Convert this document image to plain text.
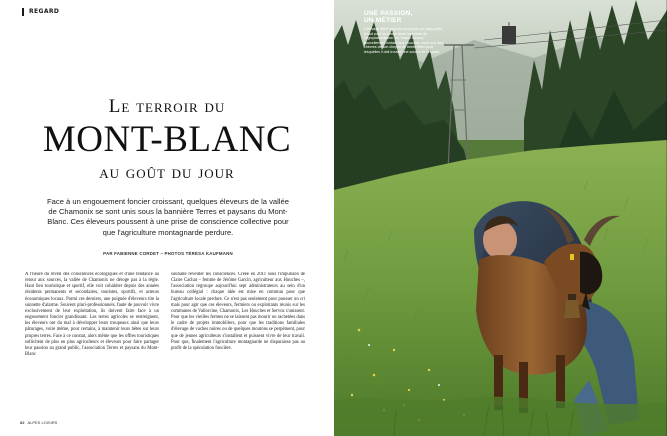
REGARD
Le terroir du
MONT-BLANC
au goût du jour

Face à un engouement foncier croissant, quelques éleveurs de la vallée de Chamonix se sont unis sous la bannière Terres et paysans du Mont-Blanc. Ces éleveurs poussent à une prise de conscience collective pour que l'agriculture montagnarde perdure.

PAR FABIENNE CORDET – PHOTOS TÉRÉSA KAUFMANN
À l'heure du réveil des consciences écologiques et d'une tendance au retour aux sources, la vallée de Chamonix ne déroge pas à la règle. Haut lieu touristique et sportif, elle voit cohabiter depuis des années résidents permanents et secondaires, touristes, sportifs, et acteurs économiques locaux. Parmi ces derniers, une poignée d'éleveurs tire la sonnette d'alarme. Souvent pluri-professionnels, faute de pouvoir vivre exclusivement de leur exploitation, ils doivent faire face à un engouement foncier grandissant. Les terres agricoles se restreignent, les éleveurs ont du mal à développer leurs troupeaux ainsi que leurs pâturages, voire même, pour certains, à maintenir leurs bêtes sur leurs propres terres. Face à ce constat, alors même que les offres touristiques sollicitent de plus en plus agriculteurs et éleveurs pour faire partager leur passion au grand public, l'association Terres et paysans du Mont-Blanc
souhaite réveiller les consciences. Créée en 2011 sous l'impulsion de Claire Cachat – femme de Jérôme Garcin, agriculteur aux Houches –, l'association regroupe aujourd'hui sept administrateurs au sein d'un bureau collégial : chaque idée est mise en commun pour que l'agriculture locale perdure. Ce n'est pas seulement pour pousser un cri mais pour agir que ces éleveurs, fermiers ou exploitants réunis sur les communes de Vallorcine, Chamonix, Les Houches et Servoz s'unissent. Pour que les vieilles fermes ne se laissent pas mourir ou rachetées dans le cadre de projets immobiliers, pour que les traditions familiales d'élevage de vaches noires ou de quelques moutons se perpétuent, pour que de jeunes agriculteurs s'installent et puissent vivre de leur travail. Pour que, finalement l'agriculture montagnarde ne disparaisse pas au profit de la spéculation foncière.
62 ALPES LOISIRS
UNE PASSION,
UN MÉTIER
L'élevage attire toujours les jeunes du pays prêts à tout pour se lancer dans l'aventure de l'agropastoralisme. Ici, Yoann Ducrey, nouvellement installé aux Houches, avec une des chèvres de son cheptel de trente têtes pour lesquelles il doit trouver une source de l'espace.
